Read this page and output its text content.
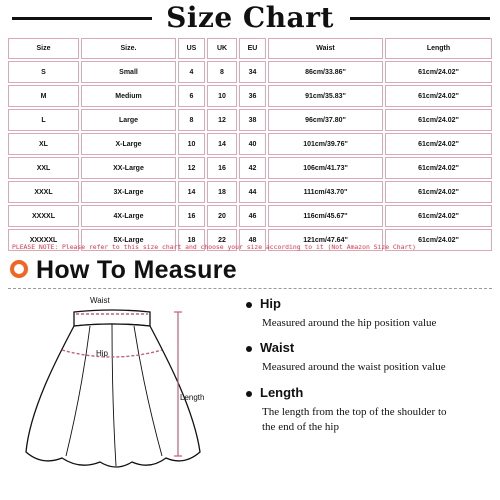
Size Chart
Size	Size.	US	UK	EU	Waist	Length
S	Small	4	8	34	86cm/33.86''	61cm/24.02''
M	Medium	6	10	36	91cm/35.83''	61cm/24.02''
L	Large	8	12	38	96cm/37.80''	61cm/24.02''
XL	X-Large	10	14	40	101cm/39.76''	61cm/24.02''
XXL	XX-Large	12	16	42	106cm/41.73''	61cm/24.02''
XXXL	3X-Large	14	18	44	111cm/43.70''	61cm/24.02''
XXXXL	4X-Large	16	20	46	116cm/45.67''	61cm/24.02''
XXXXXL	5X-Large	18	22	48	121cm/47.64''	61cm/24.02''
PLEASE NOTE: Please refer to this size chart and choose your size according to it (Not Amazon Size Chart)
How To Measure
Waist
Hip
Length
Hip
Measured around the hip position value
Waist
Measured around the waist position value
Length
The length from the top of the shoulder to the end of the hip
